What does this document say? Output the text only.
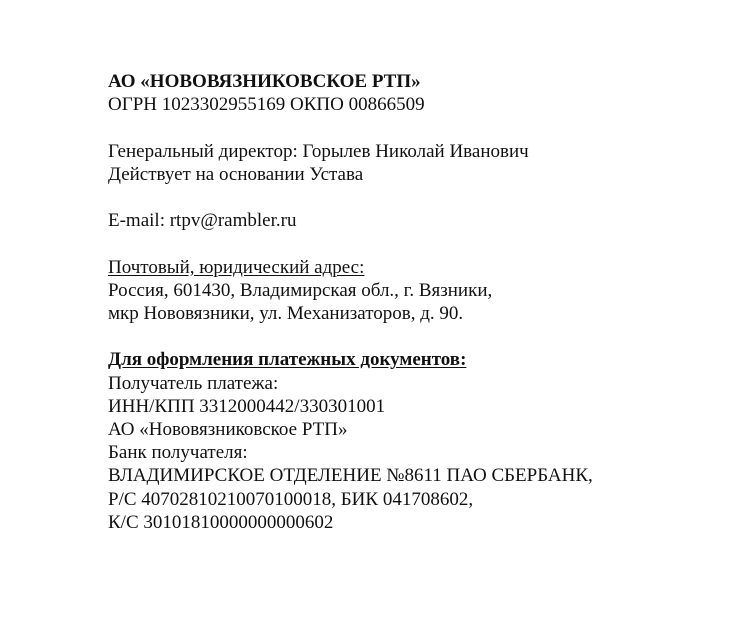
АО «НОВОВЯЗНИКОВСКОЕ РТП»
ОГРН 1023302955169 ОКПО 00866509
Генеральный директор: Горылев Николай Иванович
Действует на основании Устава
E-mail: rtpv@rambler.ru
Почтовый, юридический адрес:
Россия, 601430, Владимирская обл., г. Вязники,
мкр Нововязники, ул. Механизаторов, д. 90.
Для оформления платежных документов:
Получатель платежа:
ИНН/КПП 3312000442/330301001
АО «Нововязниковское РТП»
Банк получателя:
ВЛАДИМИРСКОЕ ОТДЕЛЕНИЕ №8611 ПАО СБЕРБАНК,
Р/С 40702810210070100018, БИК 041708602,
К/С 30101810000000000602
